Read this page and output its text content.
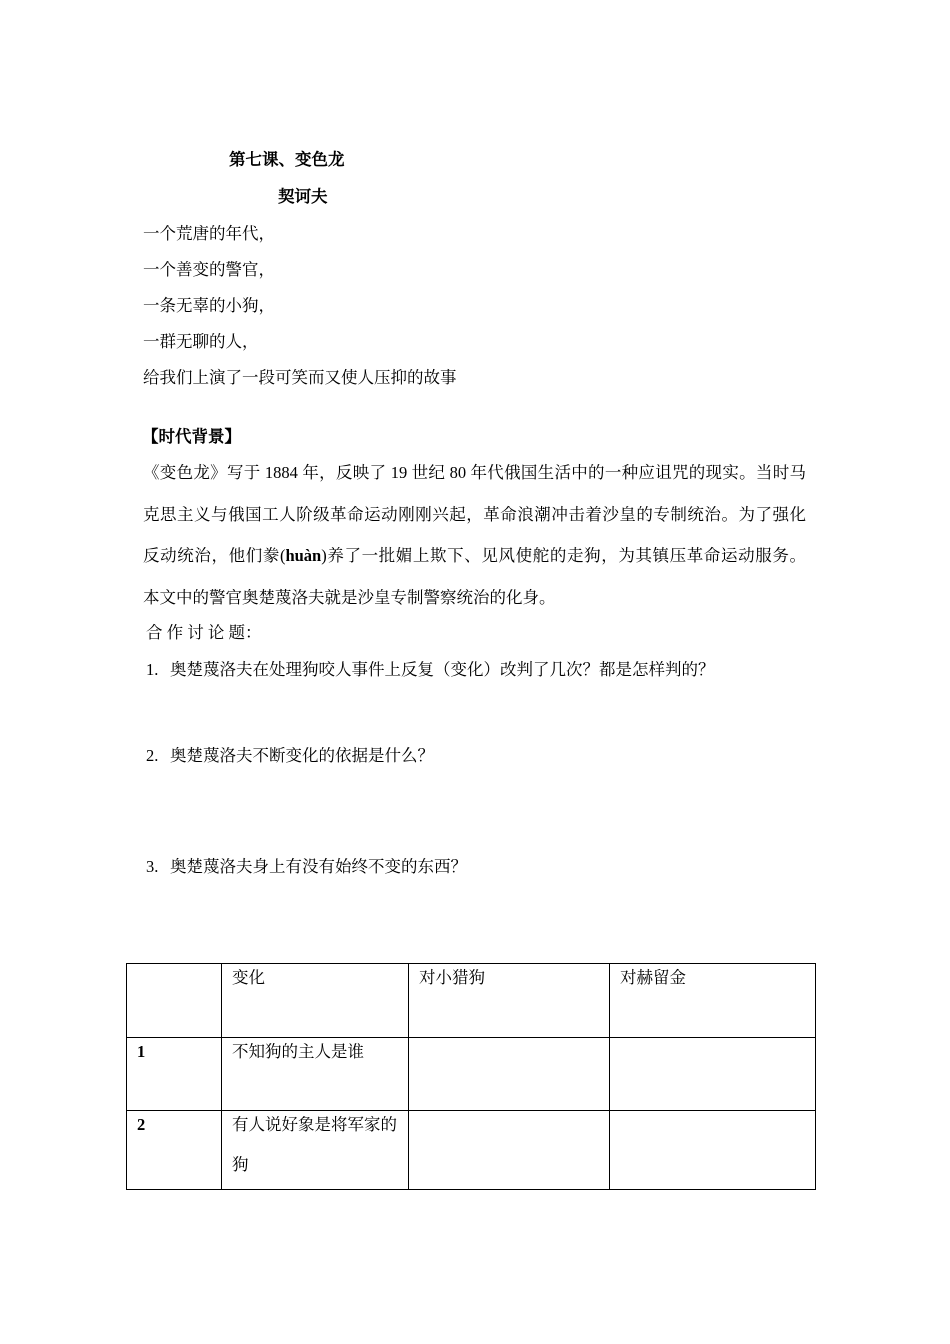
第七课、变色龙
契诃夫
一个荒唐的年代，
一个善变的警官，
一条无辜的小狗，
一群无聊的人，
给我们上演了一段可笑而又使人压抑的故事
【时代背景】
《变色龙》写于 1884 年，反映了 19 世纪 80 年代俄国生活中的一种应诅咒的现实。当时马
克思主义与俄国工人阶级革命运动刚刚兴起，革命浪潮冲击着沙皇的专制统治。为了强化
反动统治，他们豢(huàn)养了一批媚上欺下、见风使舵的走狗，为其镇压革命运动服务。
本文中的警官奥楚蔑洛夫就是沙皇专制警察统治的化身。
合 作 讨 论 题：
1. 奥楚蔑洛夫在处理狗咬人事件上反复（变化）改判了几次？都是怎样判的？
2. 奥楚蔑洛夫不断变化的依据是什么？
3. 奥楚蔑洛夫身上有没有始终不变的东西？

	变化	对小猎狗	对赫留金

1	不知狗的主人是谁		

2	有人说好象是将军家的狗		
